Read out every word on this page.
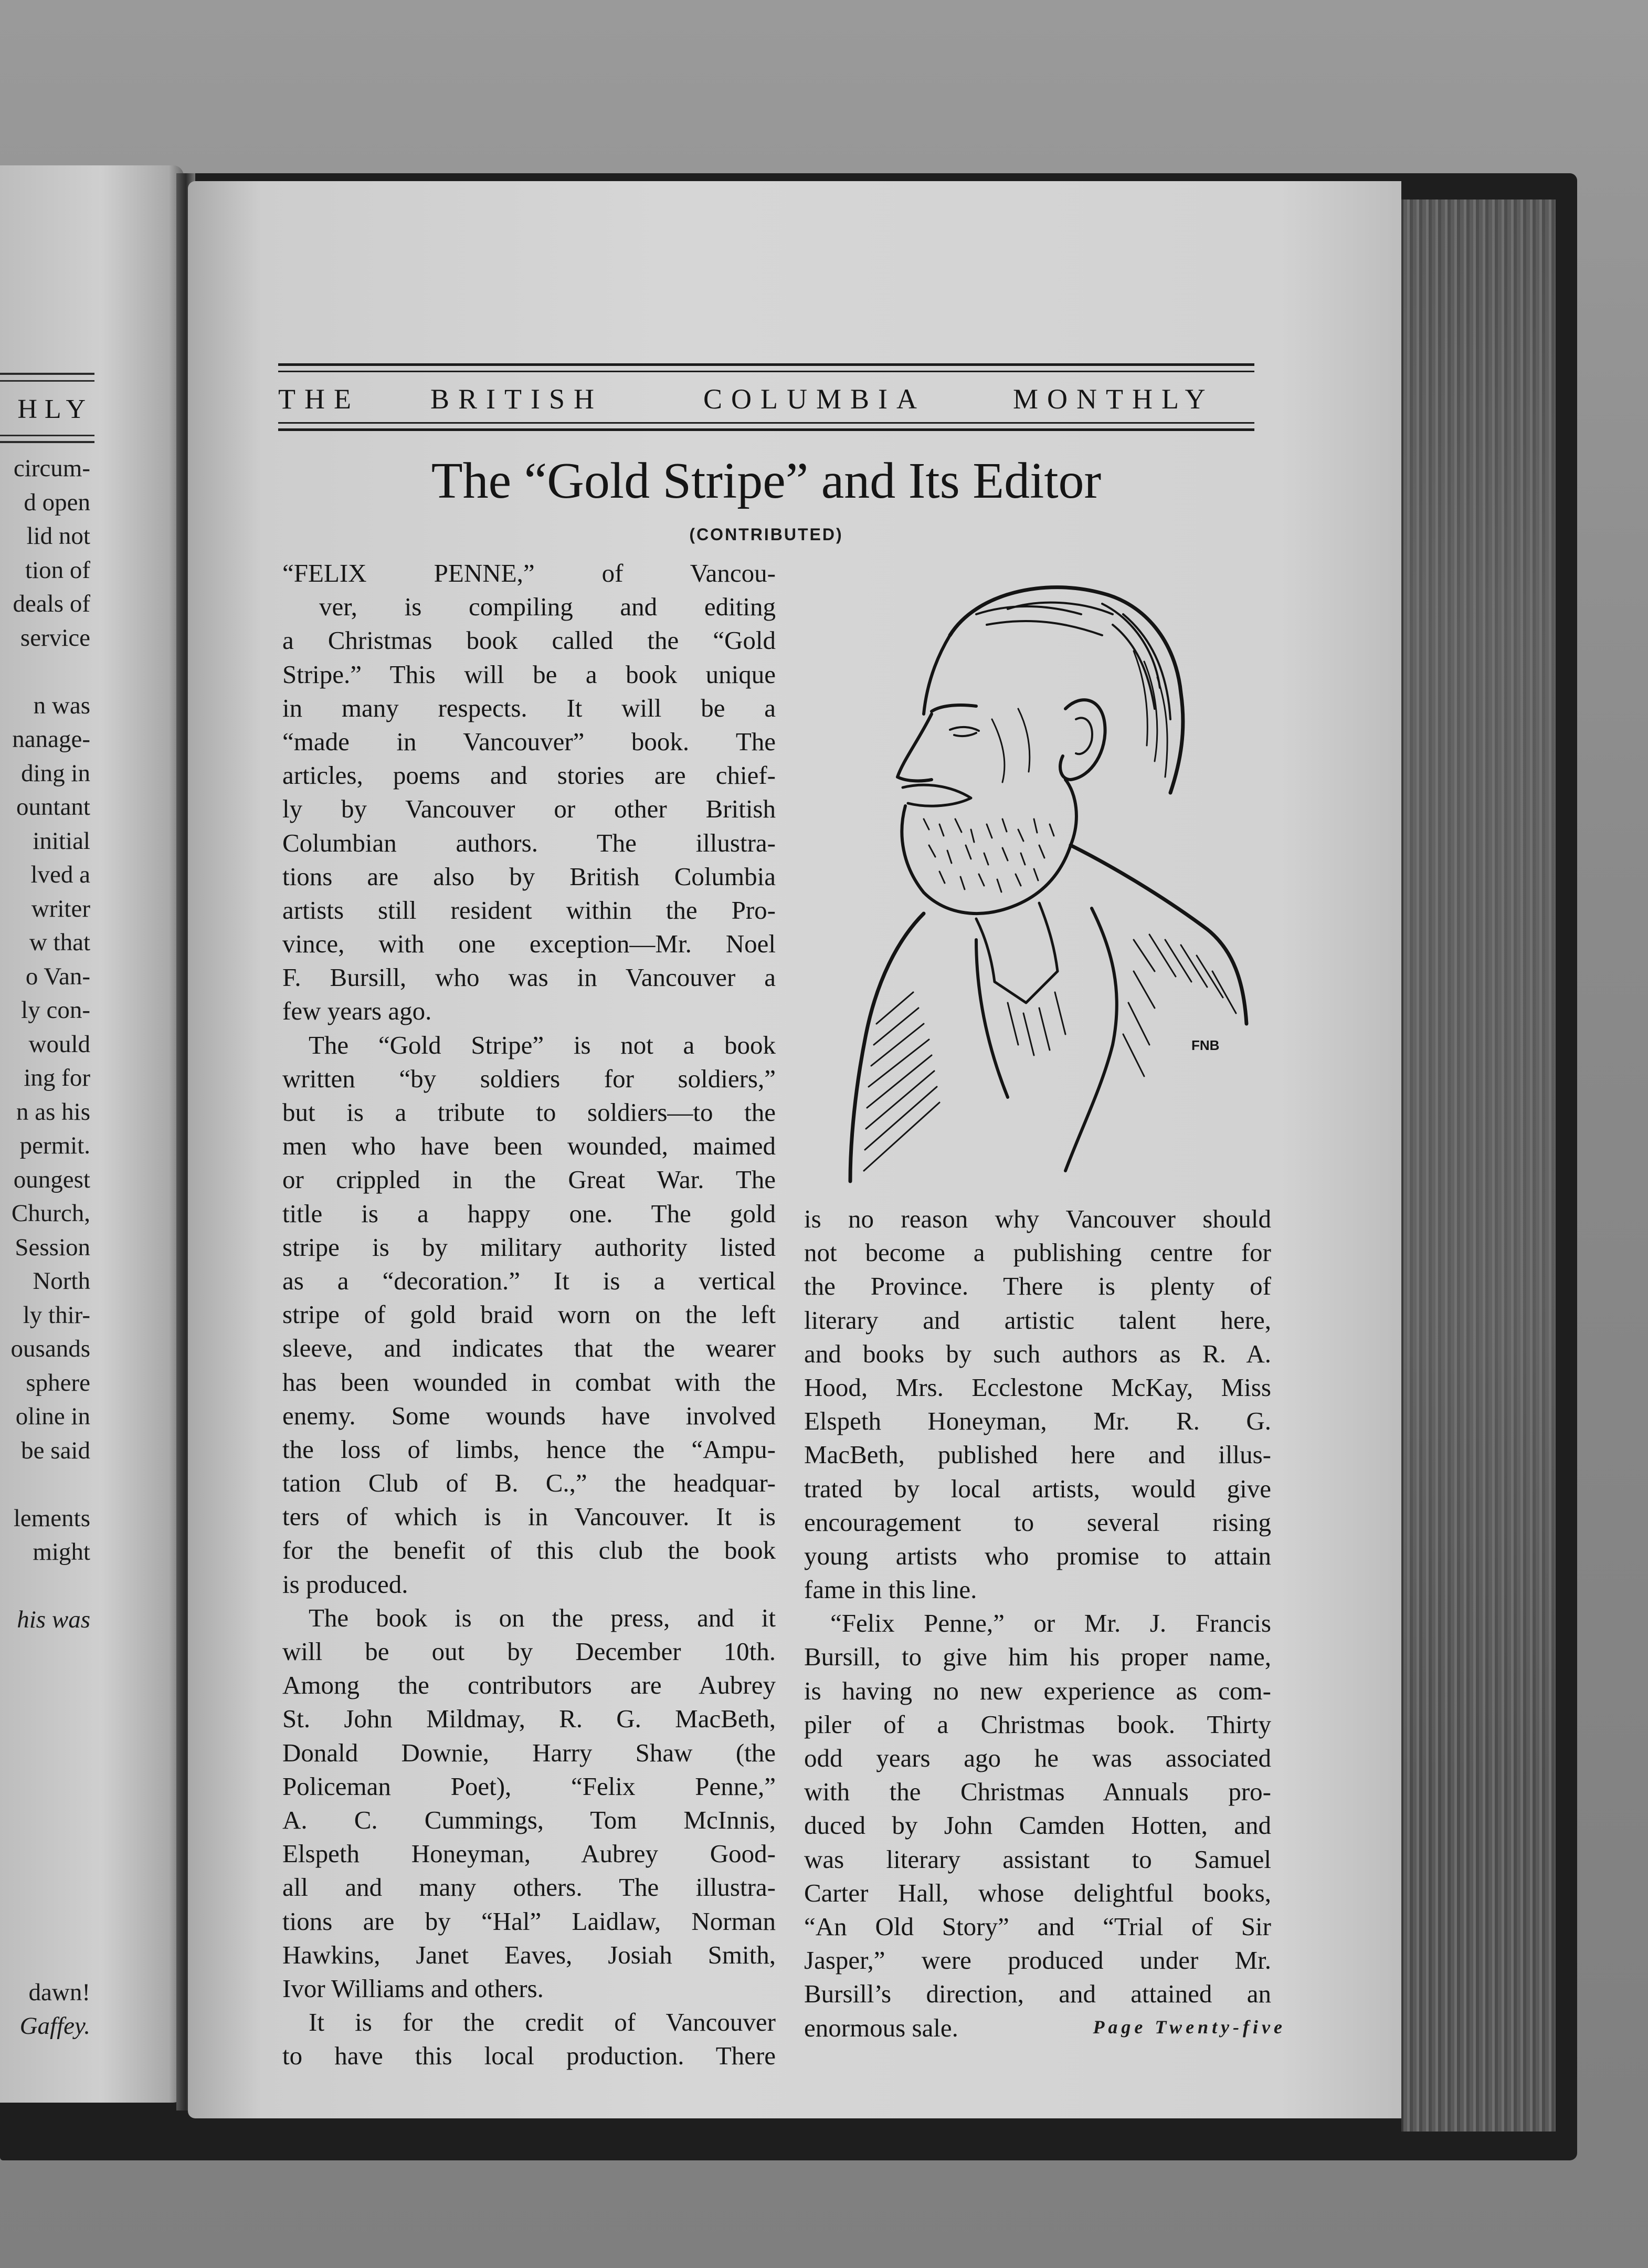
HLY
circum-
d open
lid not
tion of
deals of
service
n was
nanage-
ding in
ountant
initial
lved a
writer
w that
o Van-
ly con-
would
ing for
n as his
permit.
oungest
Church,
Session
North
ly thir-
ousands
sphere
oline in
be said
lements
might
his was
dawn!
Gaffey.
THE BRITISH	COLUMBIA	MONTHLY
The “Gold Stripe” and Its Editor
(CONTRIBUTED)
“FELIX PENNE,” of Vancou-
ver, is compiling and editing
a Christmas book called the “Gold
Stripe.” This will be a book unique
in many respects. It will be a
“made in Vancouver” book. The
articles, poems and stories are chief-
ly by Vancouver or other British
Columbian authors. The illustra-
tions are also by British Columbia
artists still resident within the Pro-
vince, with one exception—Mr. Noel
F. Bursill, who was in Vancouver a
few years ago.
The “Gold Stripe” is not a book
written “by soldiers for soldiers,”
but is a tribute to soldiers—to the
men who have been wounded, maimed
or crippled in the Great War. The
title is a happy one. The gold
stripe is by military authority listed
as a “decoration.” It is a vertical
stripe of gold braid worn on the left
sleeve, and indicates that the wearer
has been wounded in combat with the
enemy. Some wounds have involved
the loss of limbs, hence the “Ampu-
tation Club of B. C.,” the headquar-
ters of which is in Vancouver. It is
for the benefit of this club the book
is produced.
The book is on the press, and it
will be out by December 10th.
Among the contributors are Aubrey
St. John Mildmay, R. G. MacBeth,
Donald Downie, Harry Shaw (the
Policeman Poet), “Felix Penne,”
A. C. Cummings, Tom McInnis,
Elspeth Honeyman, Aubrey Good-
all and many others. The illustra-
tions are by “Hal” Laidlaw, Norman
Hawkins, Janet Eaves, Josiah Smith,
Ivor Williams and others.
It is for the credit of Vancouver
to have this local production. There
FNB
is no reason why Vancouver should
not become a publishing centre for
the Province. There is plenty of
literary and artistic talent here,
and books by such authors as R. A.
Hood, Mrs. Ecclestone McKay, Miss
Elspeth Honeyman, Mr. R. G.
MacBeth, published here and illus-
trated by local artists, would give
encouragement to several rising
young artists who promise to attain
fame in this line.
“Felix Penne,” or Mr. J. Francis
Bursill, to give him his proper name,
is having no new experience as com-
piler of a Christmas book. Thirty
odd years ago he was associated
with the Christmas Annuals pro-
duced by John Camden Hotten, and
was literary assistant to Samuel
Carter Hall, whose delightful books,
“An Old Story” and “Trial of Sir
Jasper,” were produced under Mr.
Bursill’s direction, and attained an
enormous sale.	Page Twenty-five
